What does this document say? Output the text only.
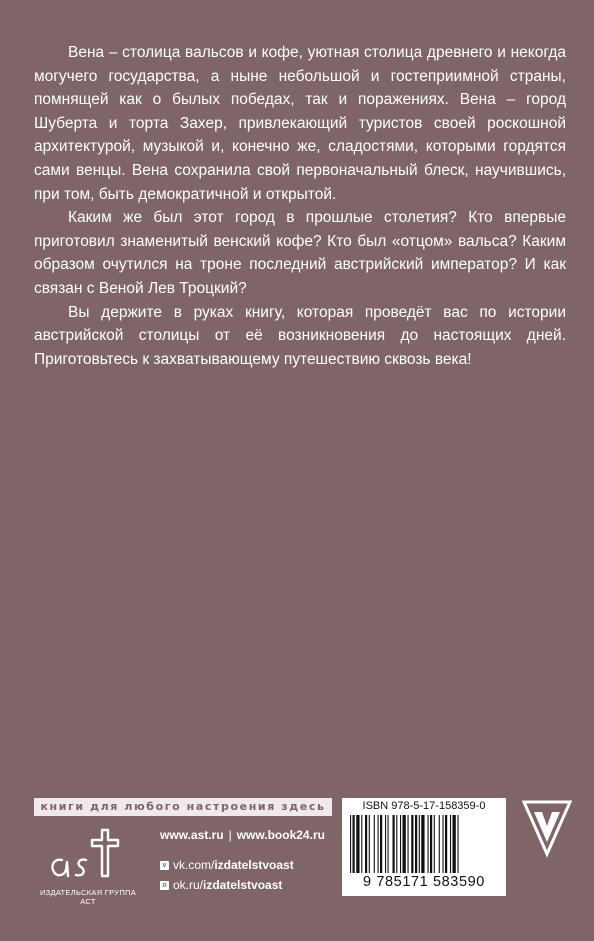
Вена – столица вальсов и кофе, уютная столица древнего и некогда могучего государства, а ныне небольшой и гостеприимной страны, помнящей как о былых победах, так и поражениях. Вена – город Шуберта и торта Захер, привлекающий туристов своей роскошной архитектурой, музыкой и, конечно же, сладостями, которыми гордятся сами венцы. Вена сохранила свой первоначальный блеск, научившись, при том, быть демократичной и открытой.

Каким же был этот город в прошлые столетия? Кто впервые приготовил знаменитый венский кофе? Кто был «отцом» вальса? Каким образом очутился на троне последний австрийский император? И как связан с Веной Лев Троцкий?

Вы держите в руках книгу, которая проведёт вас по истории австрийской столицы от её возникновения до настоящих дней. Приготовьтесь к захватывающему путешествию сквозь века!

книги для любого настроения здесь
ИЗДАТЕЛЬСКАЯ ГРУППА АСТ
www.ast.ru | www.book24.ru
v vk.com/ izdatelstvoast
o ok.ru/ izdatelstvoast
ISBN 978-5-17-158359-0
9 785171 583590
